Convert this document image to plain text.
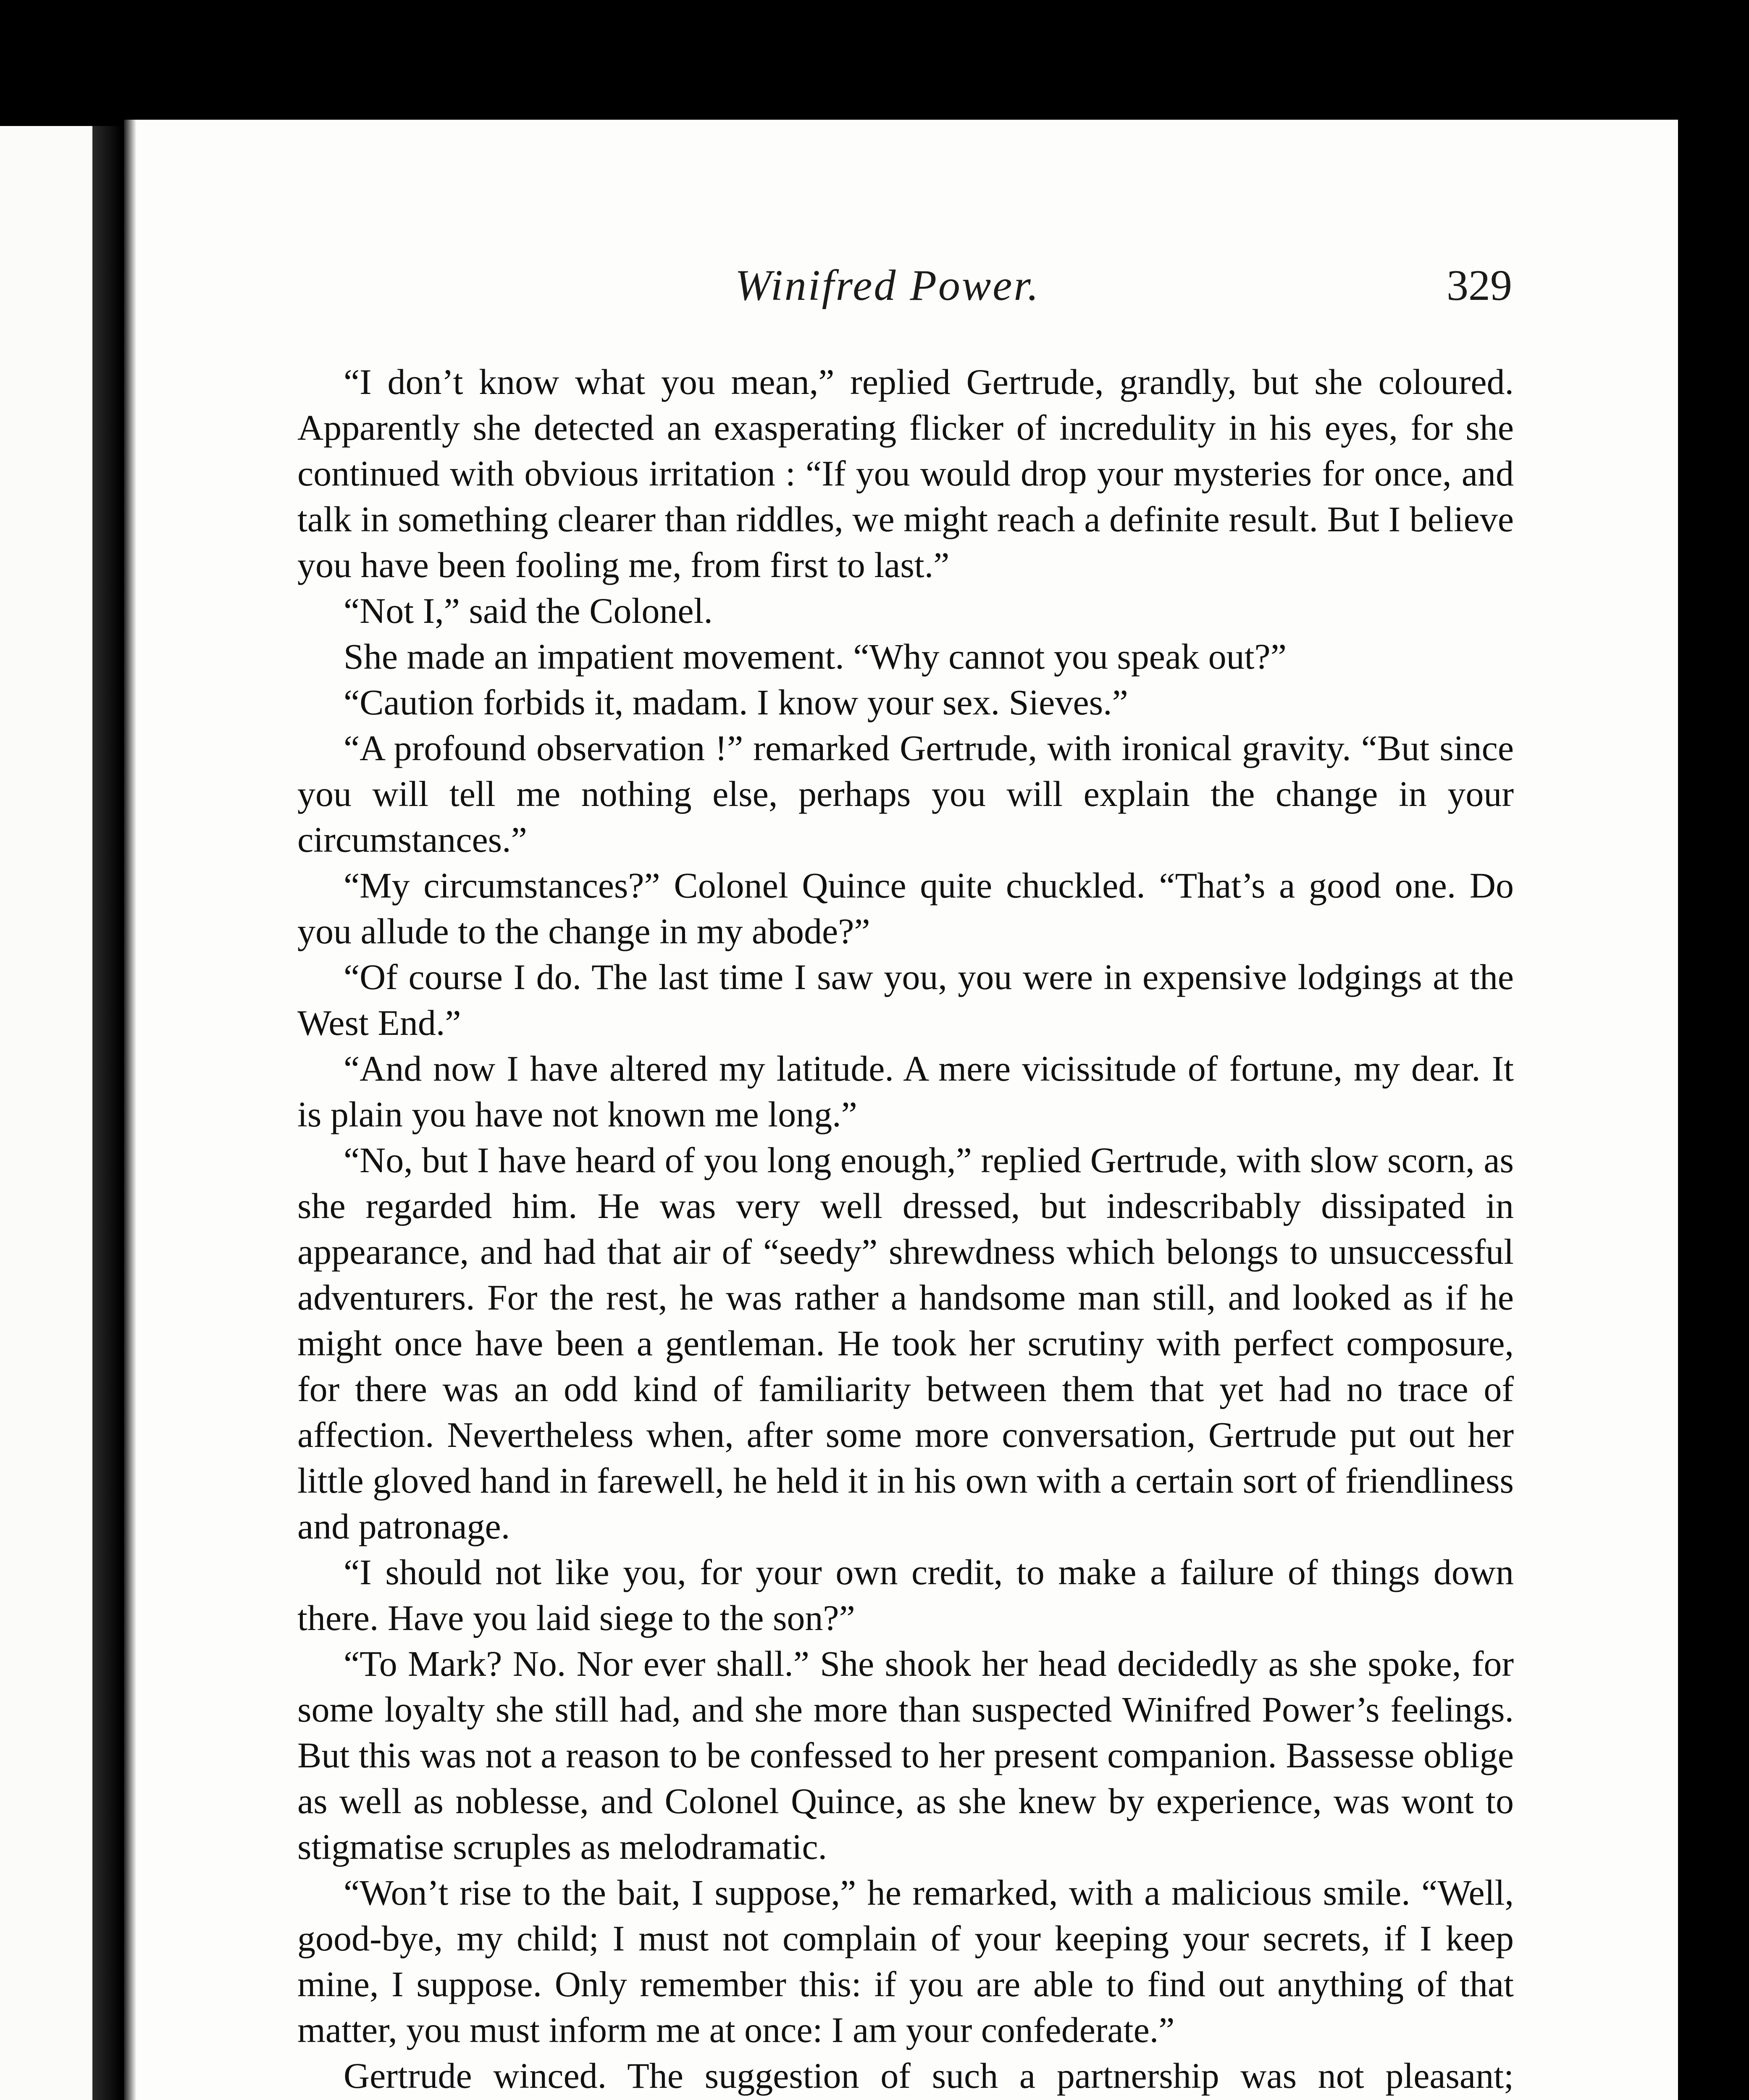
Winifred Power.	329

“I don’t know what you mean,” replied Gertrude, grandly, but she coloured. Apparently she detected an exasperating flicker of incredulity in his eyes, for she continued with obvious irritation : “If you would drop your mysteries for once, and talk in something clearer than riddles, we might reach a definite result. But I believe you have been fooling me, from first to last.”

“Not I,” said the Colonel.

She made an impatient movement. “Why cannot you speak out?”

“Caution forbids it, madam. I know your sex. Sieves.”

“A profound observation !” remarked Gertrude, with ironical gravity. “But since you will tell me nothing else, perhaps you will explain the change in your circumstances.”

“My circumstances?” Colonel Quince quite chuckled. “That’s a good one. Do you allude to the change in my abode?”

“Of course I do. The last time I saw you, you were in expensive lodgings at the West End.”

“And now I have altered my latitude. A mere vicissitude of fortune, my dear. It is plain you have not known me long.”

“No, but I have heard of you long enough,” replied Gertrude, with slow scorn, as she regarded him. He was very well dressed, but indescribably dissipated in appearance, and had that air of “seedy” shrewdness which belongs to unsuccessful adventurers. For the rest, he was rather a handsome man still, and looked as if he might once have been a gentleman. He took her scrutiny with perfect composure, for there was an odd kind of familiarity between them that yet had no trace of affection. Nevertheless when, after some more conversation, Gertrude put out her little gloved hand in farewell, he held it in his own with a certain sort of friendliness and patronage.

“I should not like you, for your own credit, to make a failure of things down there. Have you laid siege to the son?”

“To Mark? No. Nor ever shall.” She shook her head decidedly as she spoke, for some loyalty she still had, and she more than suspected Winifred Power’s feelings. But this was not a reason to be confessed to her present companion. Bassesse oblige as well as noblesse, and Colonel Quince, as she knew by experience, was wont to stigmatise scruples as melodramatic.

“Won’t rise to the bait, I suppose,” he remarked, with a malicious smile. “Well, good-bye, my child; I must not complain of your keeping your secrets, if I keep mine, I suppose. Only remember this: if you are able to find out anything of that matter, you must inform me at once: I am your confederate.”

Gertrude winced. The suggestion of such a partnership was not pleasant;
